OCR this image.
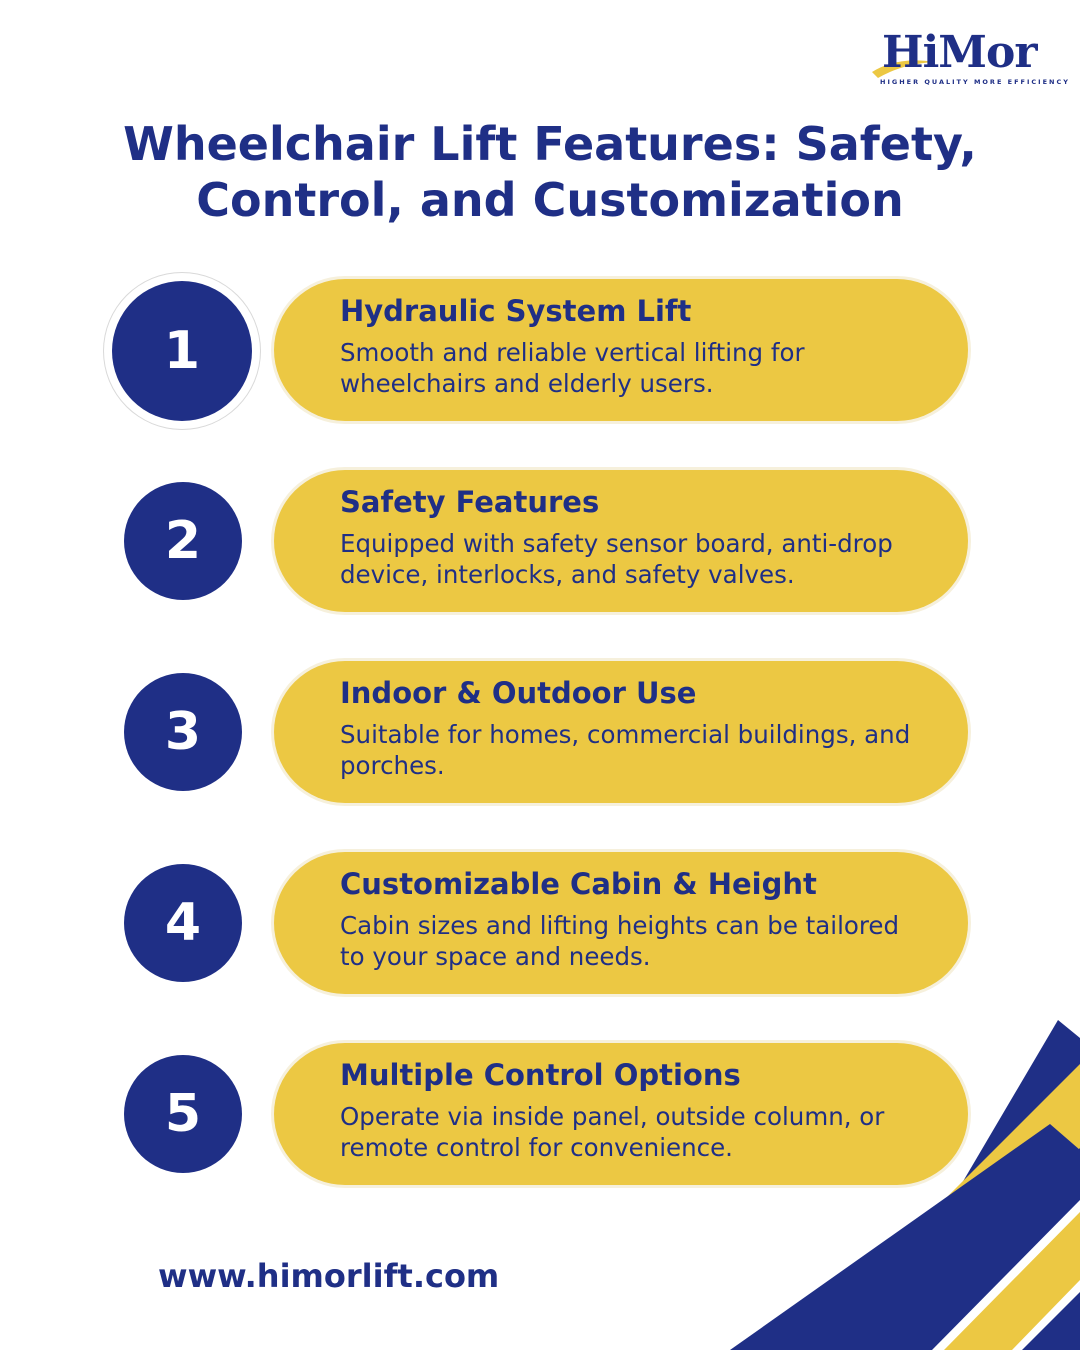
HiMor
HIGHER QUALITY MORE EFFICIENCY
Wheelchair Lift Features: Safety,
Control, and Customization
1
Hydraulic System Lift
Smooth and reliable vertical lifting for wheelchairs and elderly users.
2
Safety Features
Equipped with safety sensor board, anti-drop device, interlocks, and safety valves.
3
Indoor & Outdoor Use
Suitable for homes, commercial buildings, and porches.
4
Customizable Cabin & Height
Cabin sizes and lifting heights can be tailored to your space and needs.
5
Multiple Control Options
Operate via inside panel, outside column, or remote control for convenience.
www.himorlift.com
